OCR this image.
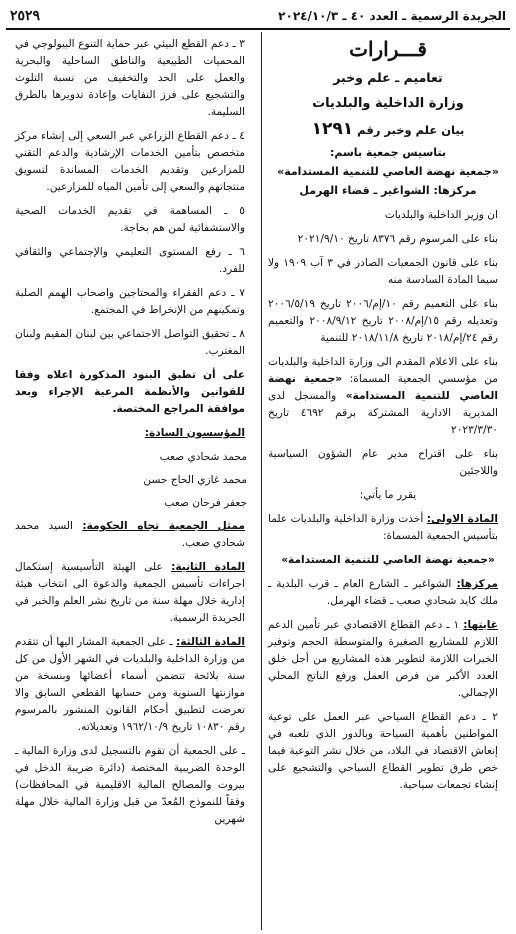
الجريدة الرسمية ـ العدد ٤٠ ـ ٢٠٢٤/١٠/٣
٢٥٢٩
قـــرارات
تعاميم ـ علم وخبر
وزارة الداخلية والبلديات
بيان علم وخبر رقم ١٢٩١
بتاسيس جمعية باسم:
«جمعية نهضة العاصي للتنمية المستدامة»
مركزها: الشواغير ـ قضاء الهرمل

ان وزير الداخلية والبلديات

بناء على المرسوم رقم ٨٣٧٦ تاريخ ٢٠٢١/٩/١٠

بناء على قانون الجمعيات الصادر في ٣ آب ١٩٠٩ ولا سيما المادة السادسة منه

بناء على التعميم رقم ١٠/إم/٢٠٠٦ تاريخ ٢٠٠٦/٥/١٩ وتعديله رقم ١٥/إم/٢٠٠٨ تاريخ ٢٠٠٨/٩/١٢ والتعميم رقم ٢٤/إم/٢٠١٨ تاريخ ٢٠١٨/١١/٨ للتنمية

بناء على الاعلام المقدم الى وزارة الداخلية والبلديات من مؤسسي الجمعية المسماة: «جمعية نهضة العاصي للتنمية المستدامة» والمسجل لدى المديرية الادارية المشتركة برقم ٤٦٩٢ تاريخ ٢٠٢٣/٣/٣٠

بناء على اقتراح مدير عام الشؤون السياسية واللاجئين

يقرر ما يأتي:

المادة الاولى: أخذت وزارة الداخلية والبلديات علما بتأسيس الجمعية المسماة:

«جمعية نهضة العاصي للتنمية المستدامة»

مركزها: الشواغير ـ الشارع العام ـ قرب البلدية ـ ملك كايد شحادي صعب ـ قضاء الهرمل.

غايتها: ١ ـ دعم القطاع الاقتصادي عبر تأمين الدعم اللازم للمشاريع الصغيرة والمتوسطة الحجم وتوفير الخبرات اللازمة لتطوير هذه المشاريع من أجل خلق العدد الأكبر من فرص العمل ورفع الناتج المحلي الإجمالي.

٢ ـ دعم القطاع السياحي عبر العمل على توعية المواطنين بأهمية السياحة وبالدور الذي تلعبه في إنعاش الاقتصاد في البلاد، من خلال نشر التوعية فيما خص طرق تطوير القطاع السياحي والتشجيع على إنشاء تجمعات سياحية.

٣ ـ دعم القطع البيئي عبر حماية التنوع البيولوجي في المحميات الطبيعية والناطق الساحلية والبحرية والعمل على الحد والتخفيف من نسبة التلوث والتشجيع على فرز النفايات وإعادة تدويرها بالطرق السليمة.

٤ ـ دعم القطاع الزراعي عبر السعي إلى إنشاء مركز متخصص بتأمين الخدمات الإرشادية والدعم التقني للمزارعين وتقديم الخدمات المساندة لتسويق منتجاتهم والسعي إلى تأمين المياه للمزارعين.

٥ ـ المساهمة في تقديم الخدمات الصحية والاستشفائية لمن هم بحاجة.

٦ ـ رفع المستوى التعليمي والإجتماعي والثقافي للفرد.

٧ ـ دعم الفقراء والمحتاجين واصحاب الهمم الصلبة وتمكينهم من الإنخراط في المجتمع.

٨ ـ تحقيق التواصل الاجتماعي بين لبنان المقيم ولبنان المغترب.

على أن تطبق البنود المذكورة اعلاه وفقا للقوانين والأنظمة المرعية الإجراء وبعد موافقة المراجع المختصة.

المؤسسون السادة:

محمد شحادي صعب
محمد غازي الحاج حسن
جعفر فرحان صعب

ممثل الجمعية تجاه الحكومة: السيد محمد شحادي صعب.

المادة الثانية: على الهيئة التأسيسية إستكمال اجراءات تأسيس الجمعية والدعوة الى انتخاب هيئة إدارية خلال مهلة سنة من تاريخ نشر العلم والخبر في الجريدة الرسمية.

المادة الثالثة: ـ على الجمعية المشار اليها أن تتقدم من وزارة الداخلية والبلديات في الشهر الأول من كل سنة بلائحة تتضمن أسماء أعضائها وبنسخة من موازنتها السنوية ومن حسابها القطعي السابق والا تعرضت لتطبيق أحكام القانون المنشور بالمرسوم رقم ١٠٨٣٠ تاريخ ١٩٦٢/١٠/٩ وتعديلاته.

ـ على الجمعية أن تقوم بالتسجيل لدى وزارة المالية ـ الوحدة الضريبية المختصة (دائرة ضريبة الدخل في بيروت والمصالح المالية الاقليمية في المحافظات) وفقاً للنموذج المُعدّ من قبل وزارة المالية خلال مهلة شهرين
